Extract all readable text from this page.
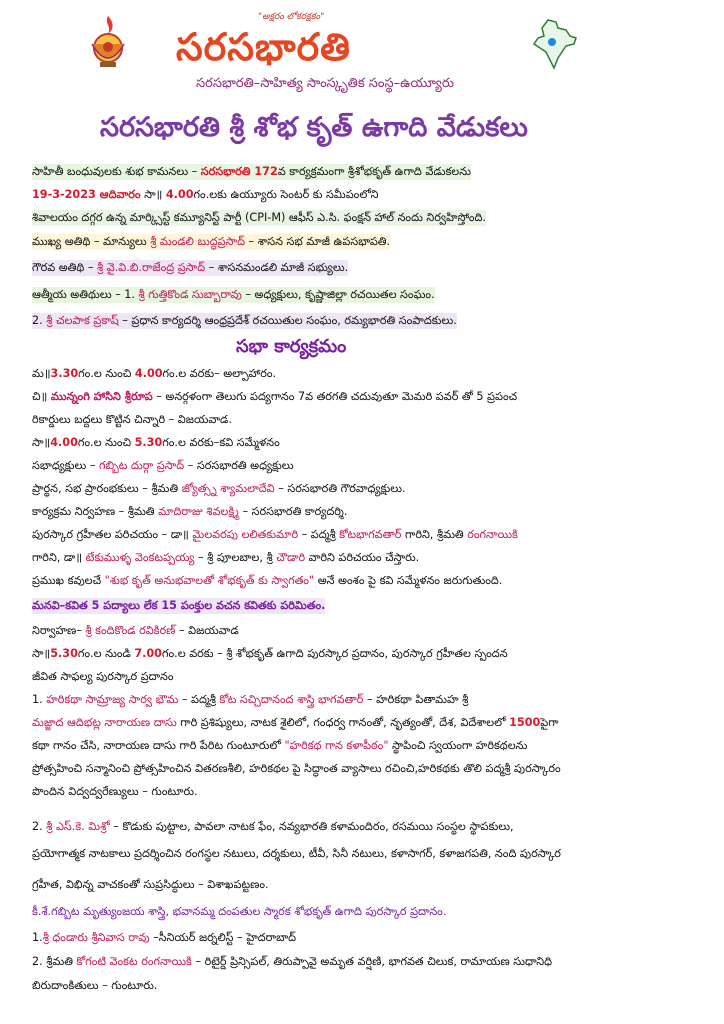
"అక్షరం లోకరక్షకం"
సరసభారతి
సరసభారతి–సాహిత్య సాంస్కృతిక సంస్థ–ఉయ్యూరు
సరసభారతి శ్రీ శోభ కృత్ ఉగాది వేడుకలు
సాహితీ బంధువులకు శుభ కామనలు – సరసభారతి 172వ కార్యక్రమంగా శ్రీశోభకృత్ ఉగాది వేడుకలను
19-3-2023 ఆదివారం సా॥ 4.00గం.లకు ఉయ్యూరు సెంటర్ కు సమీపంలోని
శివాలయం దగ్గర ఉన్న మార్క్సిస్ట్ కమ్యూనిస్ట్ పార్టీ (CPI-M) ఆఫీస్ ఎ.సి. ఫంక్షన్ హాల్ నందు నిర్వహిస్తోంది.
ముఖ్య అతిథి – మాన్యులు శ్రీ మండలి బుద్ధప్రసాద్ – శాసన సభ మాజీ ఉపసభాపతి.
గౌరవ అతిథి – శ్రీ వై.వి.బి.రాజేంద్ర ప్రసాద్ – శాసనమండలి మాజీ సభ్యులు.
ఆత్మీయ అతిథులు – 1. శ్రీ గుత్తికొండ సుబ్బారావు – అధ్యక్షులు, కృష్ణాజిల్లా రచయితల సంఘం.
2. శ్రీ చలపాక ప్రకాష్ – ప్రధాన కార్యదర్శి ఆంధ్రప్రదేశ్ రచయితుల సంఘం, రమ్యభారతి సంపాదకులు.
సభా కార్యక్రమం
మ॥3.30గం.ల నుంచి 4.00గం.ల వరకు– అల్పాహారం.
చి॥ మున్నంగి హాసిని శ్రీరూప – అనర్గళంగా తెలుగు పద్యగానం 7వ తరగతి చదువుతూ మెమరి పవర్ తో 5 ప్రపంచ
రికార్డులు బద్దలు కొట్టిన చిన్నారి – విజయవాడ.
సా॥4.00గం.ల నుంచి 5.30గం.ల వరకు–కవి సమ్మేళనం
సభాధ్యక్షులు – గబ్బిట దుర్గా ప్రసాద్ – సరసభారతి అధ్యక్షులు
ప్రార్థన, సభ ప్రారంభకులు – శ్రీమతి జ్యోత్స్న శ్యామలాదేవి – సరసభారతి గౌరవాధ్యక్షులు.
కార్యక్రమ నిర్వహణ – శ్రీమతి మాదిరాజు శివలక్ష్మి – సరసభారతి కార్యదర్శి.
పురస్కార గ్రహీతల పరిచయం – డా॥ మైలవరపు లలితకుమారి – పద్మశ్రీ కోటభాగవతార్ గారిని, శ్రీమతి రంగనాయికి
గారిని, డా॥ టేకుముళ్ళ వెంకటప్పయ్య – శ్రీ పూలబాల, శ్రీ చౌడారి వారిని పరిచయం చేస్తారు.
ప్రముఖ కవులచే "శుభ కృత్ అనుభవాలతో శోభకృత్ కు స్వాగతం" అనే అంశం పై కవి సమ్మేళనం జరుగుతుంది.
మనవి–కవిత 5 పద్యాలు లేక 15 పంక్తుల వచన కవితకు పరిమితం.
నిర్వాహణ– శ్రీ కందికొండ రవికిరణ్ – విజయవాడ
సా॥5.30గం.ల నుండి 7.00గం.ల వరకు – శ్రీ శోభకృత్ ఉగాది పురస్కార ప్రదానం, పురస్కార గ్రహీతల స్పందన
జీవిత సాఫల్య పురస్కార ప్రదానం
1. హరికథా సామ్రాజ్య సార్వ భౌమ – పద్మశ్రీ కోట సచ్చిదానంద శాస్త్రి భాగవతార్ – హరికథా పితామహ శ్రీ
మజ్జాద ఆదిభట్ల నారాయణ దాసు గారి ప్రశిష్యులు, నాటక శైలిలో, గంధర్వ గానంతో, నృత్యంతో, దేశ, విదేశాలలో 1500పైగా
కథా గానం చేసి, నారాయణ దాసు గారి పేరిట గుంటూరులో "హరికథ గాన కళాపీఠం" స్థాపించి స్వయంగా హరికథలను
ప్రోత్సహించి సన్మానించి ప్రోత్సహించిన వితరణశీలి, హరికథల పై సిద్ధాంత వ్యాసాలు రచించి,హరికథకు తొలి పద్మశ్రీ పురస్కారం
పొందిన విద్వద్వరేణ్యులు – గుంటూరు.
2. శ్రీ ఎస్.కె. మిశ్రో – కొడుకు పుట్టాల, పావలా నాటక ఫేం, నవ్యభారతి కళామందిరం, రసమయి సంస్థల స్థాపకులు,
ప్రయోగాత్మక నాటకాలు ప్రదర్శించిన రంగస్థల నటులు, దర్శకులు, టీవీ, సినీ నటులు, కళాసాగర్, కళాజగపతి, నంది పురస్కార
గ్రహీత, విభిన్న వాచకంతో సుప్రసిద్ధులు – విశాఖపట్టణం.
కీ.శే.గబ్బిట మృత్యుంజయ శాస్త్రి, భవానమ్మ దంపతుల స్మారక శోభకృత్ ఉగాది పురస్కార ప్రదానం.
1.శ్రీ ధండారు శ్రీనివాస రావు –సీనియర్ జర్నలిస్ట్ – హైదరాబాద్
2. శ్రీమతి కోగంటి వెంకట రంగనాయికి – రిటైర్డ్ ప్రిన్సిపల్, తిరుప్పావై అమృత వర్షిణి, భాగవత చిలుక, రామాయణ సుధానిధి
బిరుదాంకితులు – గుంటూరు.
